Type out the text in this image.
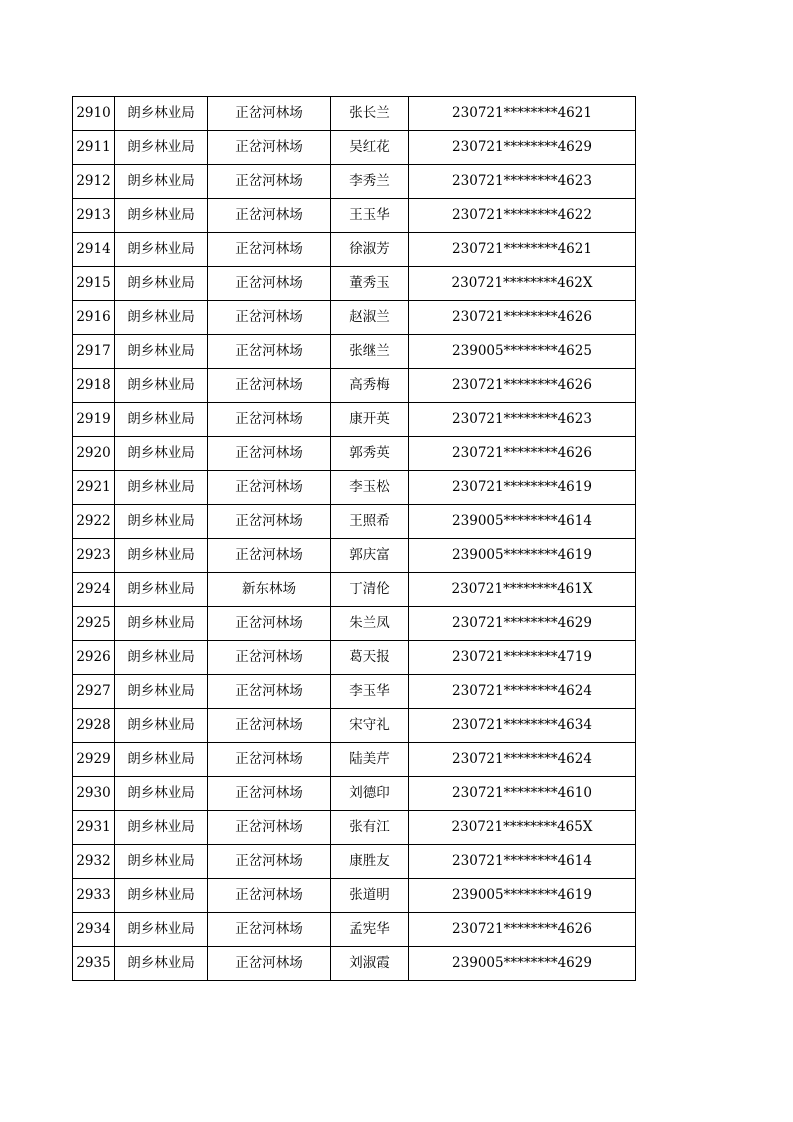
2910	朗乡林业局	正岔河林场	张长兰	230721********4621
2911	朗乡林业局	正岔河林场	吴红花	230721********4629
2912	朗乡林业局	正岔河林场	李秀兰	230721********4623
2913	朗乡林业局	正岔河林场	王玉华	230721********4622
2914	朗乡林业局	正岔河林场	徐淑芳	230721********4621
2915	朗乡林业局	正岔河林场	董秀玉	230721********462X
2916	朗乡林业局	正岔河林场	赵淑兰	230721********4626
2917	朗乡林业局	正岔河林场	张继兰	239005********4625
2918	朗乡林业局	正岔河林场	高秀梅	230721********4626
2919	朗乡林业局	正岔河林场	康开英	230721********4623
2920	朗乡林业局	正岔河林场	郭秀英	230721********4626
2921	朗乡林业局	正岔河林场	李玉松	230721********4619
2922	朗乡林业局	正岔河林场	王照希	239005********4614
2923	朗乡林业局	正岔河林场	郭庆富	239005********4619
2924	朗乡林业局	新东林场	丁清伦	230721********461X
2925	朗乡林业局	正岔河林场	朱兰凤	230721********4629
2926	朗乡林业局	正岔河林场	葛天报	230721********4719
2927	朗乡林业局	正岔河林场	李玉华	230721********4624
2928	朗乡林业局	正岔河林场	宋守礼	230721********4634
2929	朗乡林业局	正岔河林场	陆美芹	230721********4624
2930	朗乡林业局	正岔河林场	刘德印	230721********4610
2931	朗乡林业局	正岔河林场	张有江	230721********465X
2932	朗乡林业局	正岔河林场	康胜友	230721********4614
2933	朗乡林业局	正岔河林场	张道明	239005********4619
2934	朗乡林业局	正岔河林场	孟宪华	230721********4626
2935	朗乡林业局	正岔河林场	刘淑霞	239005********4629
